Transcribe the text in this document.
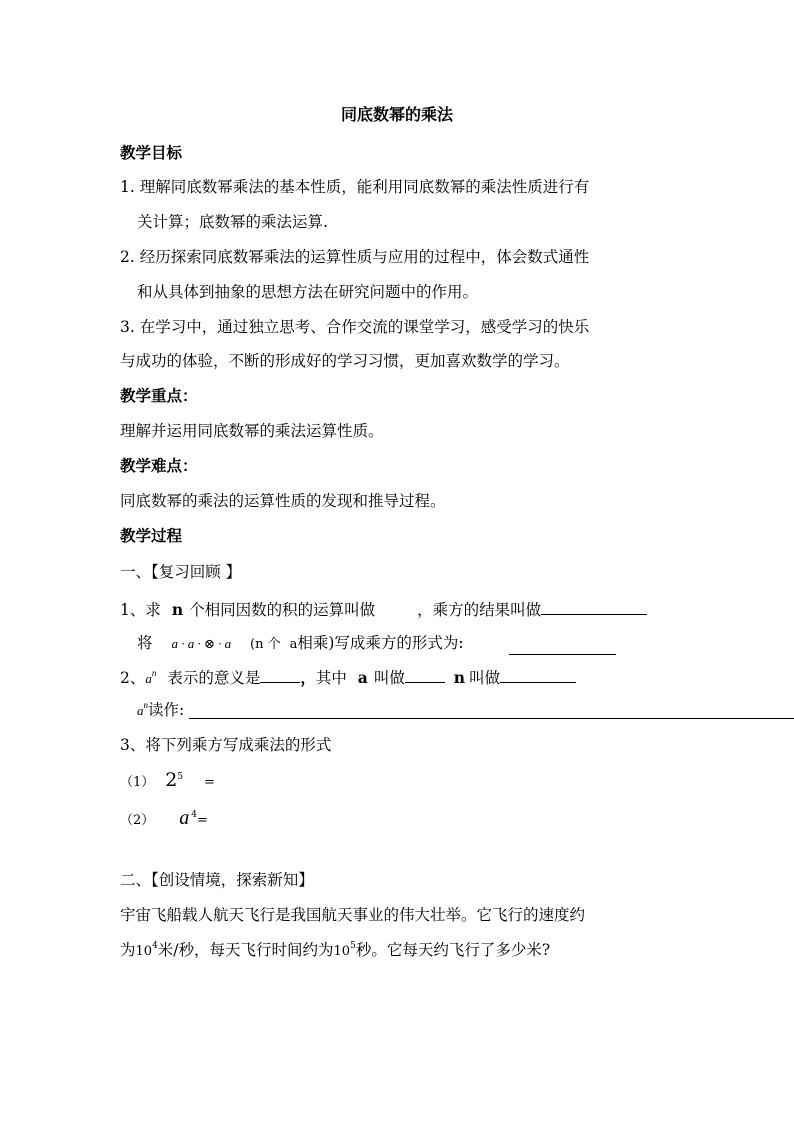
同底数幂的乘法
教学目标
1. 理解同底数幂乘法的基本性质，能利用同底数幂的乘法性质进行有
关计算；底数幂的乘法运算.
2. 经历探索同底数幂乘法的运算性质与应用的过程中，体会数式通性
和从具体到抽象的思想方法在研究问题中的作用。
3. 在学习中，通过独立思考、合作交流的课堂学习，感受学习的快乐
与成功的体验，不断的形成好的学习习惯，更加喜欢数学的学习。
教学重点：
理解并运用同底数幂的乘法运算性质。
教学难点：
同底数幂的乘法的运算性质的发现和推导过程。
教学过程
一、【复习回顾 】
1、求 n 个相同因数的积的运算叫做	，乘方的结果叫做
将 a · a · ⊗ · a (n 个 a相乘)写成乘方的形式为:
2、$a^n$ 表示的意义是	，其中 a 叫做	n 叫做
$a^n$读作:
3、将下列乘方写成乘法的形式
（1） $2^5$ =
（2） a $^4$=
二、【创设情境，探索新知】
宇宙飞船载人航天飞行是我国航天事业的伟大壮举。它飞行的速度约
为$10^4$米/秒，每天飞行时间约为$10^5$秒。它每天约飞行了多少米?
